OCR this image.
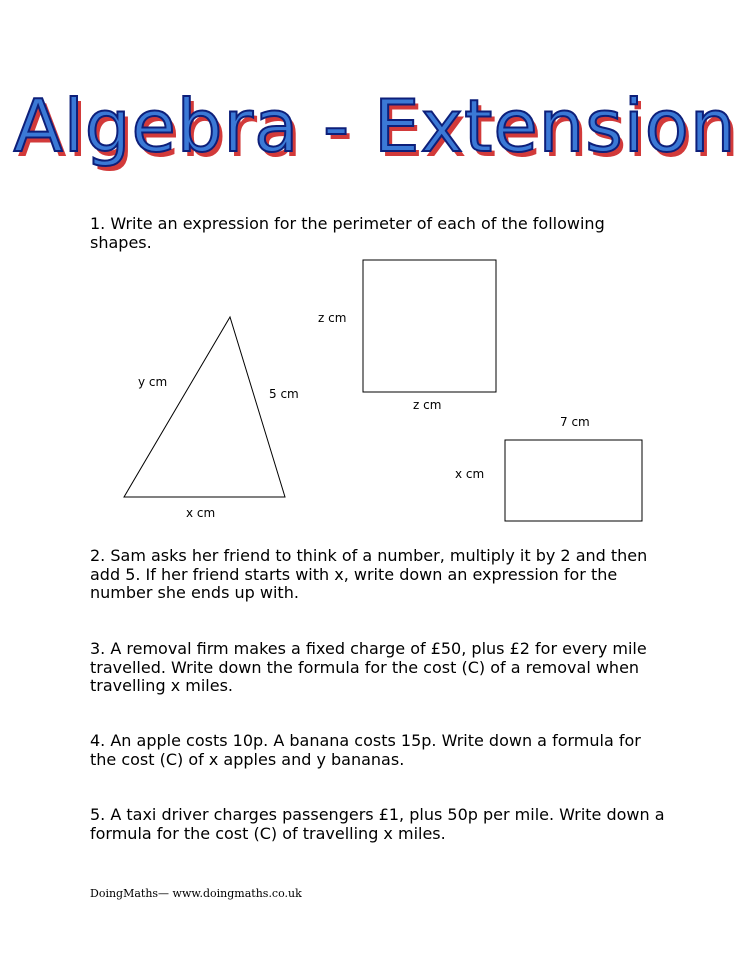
Algebra - Extension

1. Write an expression for the perimeter of each of the following shapes.

y cm
5 cm
x cm
z cm
z cm
7 cm
x cm

2. Sam asks her friend to think of a number, multiply it by 2 and then add 5. If her friend starts with x, write down an expression for the number she ends up with.

3. A removal firm makes a fixed charge of £50, plus £2 for every mile travelled. Write down the formula for the cost (C) of a removal when travelling x miles.

4. An apple costs 10p. A banana costs 15p. Write down a formula for the cost (C) of x apples and y bananas.

5. A taxi driver charges passengers £1, plus 50p per mile. Write down a formula for the cost (C) of travelling x miles.

DoingMaths— www.doingmaths.co.uk
